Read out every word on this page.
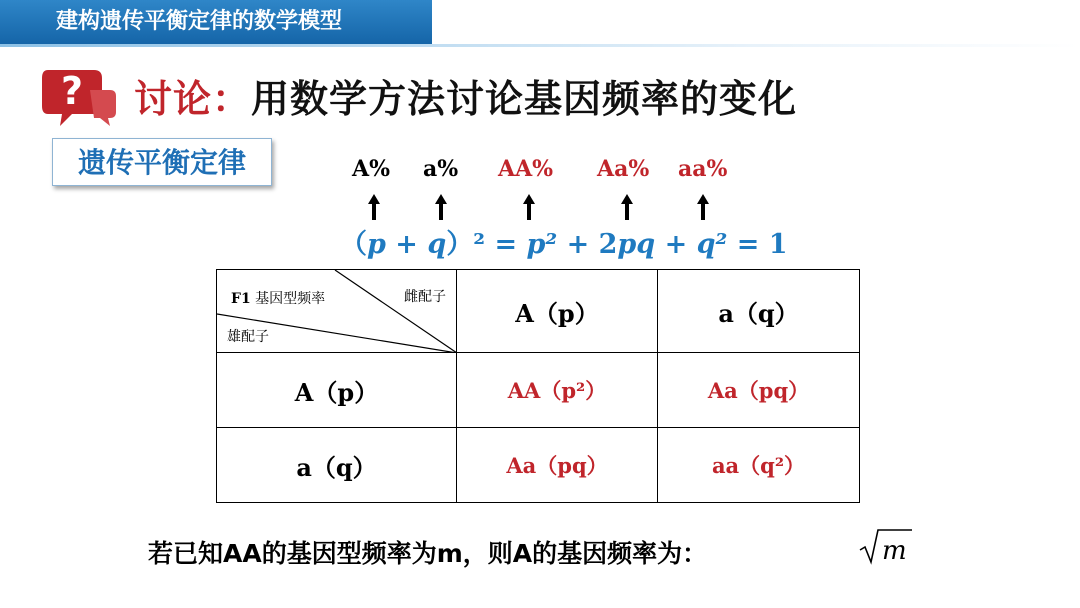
建构遗传平衡定律的数学模型
? 讨论：用数学方法讨论基因频率的变化
遗传平衡定律	A% a% AA% Aa% aa%
（p + q）² = p² + 2pq + q² = 1
F1 基因型频率 雌配子
雄配子	A（p）	a（q）
A（p）	AA（p²）	Aa（pq）
a（q）	Aa（pq）	aa（q²）
若已知AA的基因型频率为m，则A的基因频率为：	m
